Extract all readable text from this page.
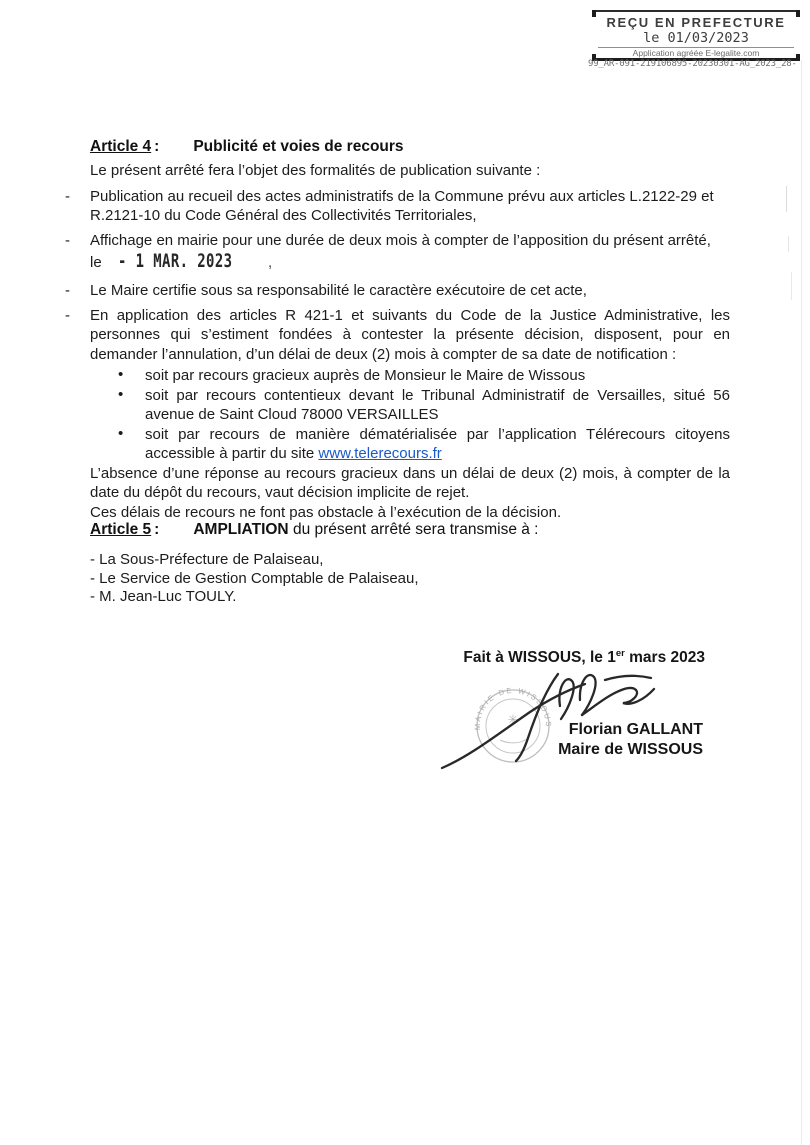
REÇU EN PREFECTURE
le 01/03/2023
Application agréée E-legalite.com
99_AR-091-219106895-20230301-AG_2023_28-
Article 4 : Publicité et voies de recours
Le présent arrêté fera l’objet des formalités de publication suivante :
- Publication au recueil des actes administratifs de la Commune prévu aux articles L.2122-29 et R.2121-10 du Code Général des Collectivités Territoriales,
- Affichage en mairie pour une durée de deux mois à compter de l’apposition du présent arrêté,
le - 1 MAR. 2023 ,
- Le Maire certifie sous sa responsabilité le caractère exécutoire de cet acte,
- En application des articles R 421-1 et suivants du Code de la Justice Administrative, les personnes qui s’estiment fondées à contester la présente décision, disposent, pour en demander l’annulation, d’un délai de deux (2) mois à compter de sa date de notification :
• soit par recours gracieux auprès de Monsieur le Maire de Wissous
• soit par recours contentieux devant le Tribunal Administratif de Versailles, situé 56 avenue de Saint Cloud 78000 VERSAILLES
• soit par recours de manière dématérialisée par l’application Télérecours citoyens accessible à partir du site www.telerecours.fr
L’absence d’une réponse au recours gracieux dans un délai de deux (2) mois, à compter de la date du dépôt du recours, vaut décision implicite de rejet.
Ces délais de recours ne font pas obstacle à l’exécution de la décision.
Article 5 : AMPLIATION du présent arrêté sera transmise à :
- La Sous-Préfecture de Palaiseau,
- Le Service de Gestion Comptable de Palaiseau,
- M. Jean-Luc TOULY.
Fait à WISSOUS, le 1er mars 2023
MAIRIE DE WISSOUS
✳
Florian GALLANT
Maire de WISSOUS
